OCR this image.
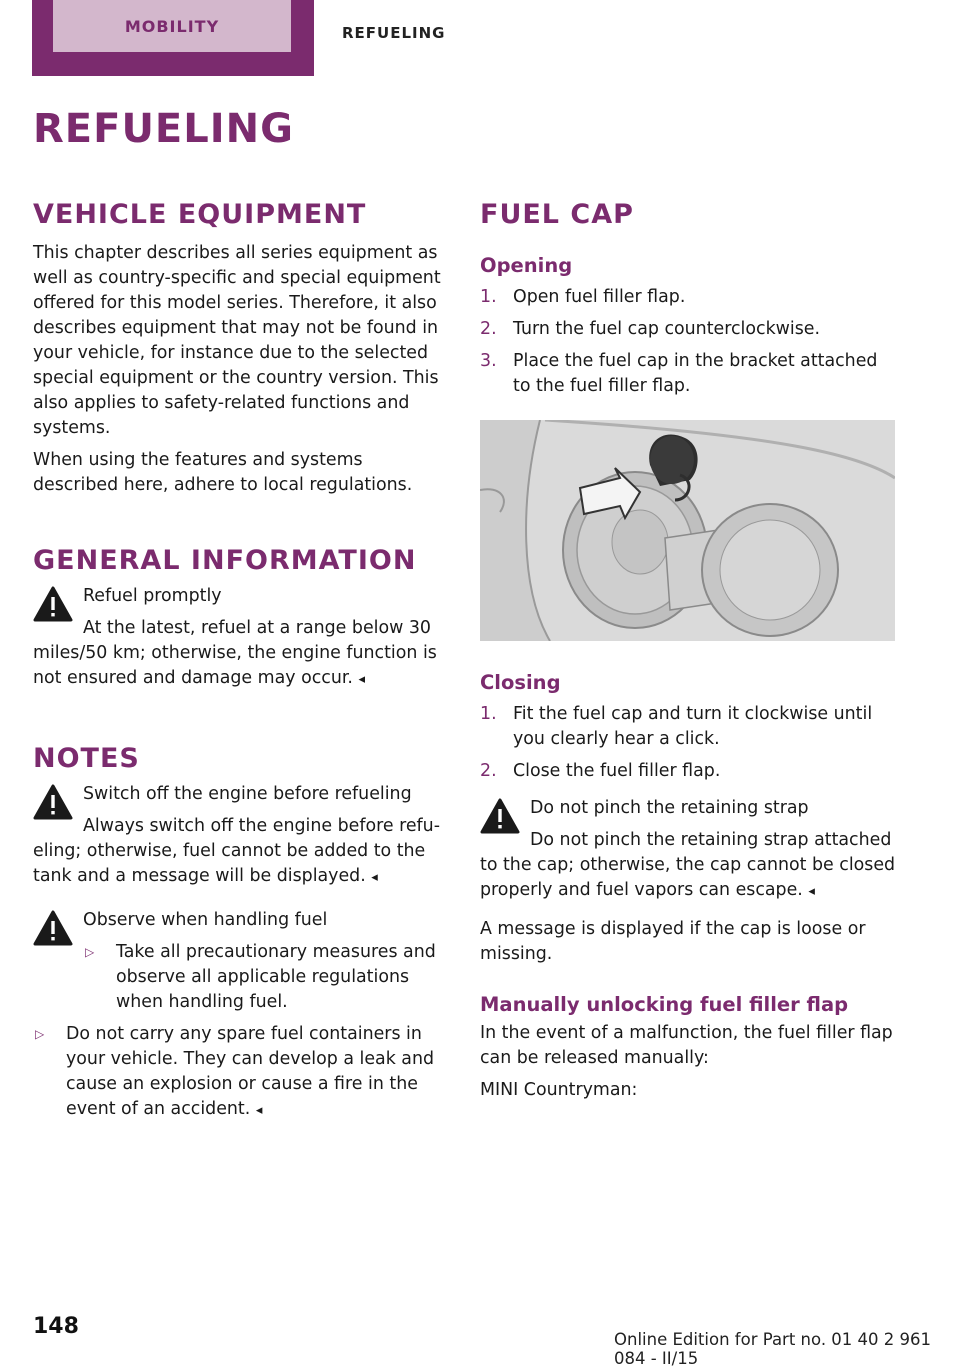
MOBILITY	REFUELING
REFUELING
VEHICLE EQUIPMENT

This chapter describes all series equipment as well as country-specific and special equipment offered for this model series. Therefore, it also describes equipment that may not be found in your vehicle, for instance due to the selected special equipment or the country version. This also applies to safety-related functions and systems.

When using the features and systems described here, adhere to local regulations.

GENERAL INFORMATION

Refuel promptly

At the latest, refuel at a range below 30 miles/50 km; otherwise, the engine function is not ensured and damage may occur. ◂

NOTES

Switch off the engine before refueling

Always switch off the engine before refueling; otherwise, fuel cannot be added to the tank and a message will be displayed. ◂

Observe when handling fuel

▷ Take all precautionary measures and observe all applicable regulations when handling fuel.
▷ Do not carry any spare fuel containers in your vehicle. They can develop a leak and cause an explosion or cause a fire in the event of an accident. ◂
FUEL CAP
Opening
1. Open fuel filler flap.
2. Turn the fuel cap counterclockwise.
3. Place the fuel cap in the bracket attached to the fuel filler flap.
Closing
1. Fit the fuel cap and turn it clockwise until you clearly hear a click.
2. Close the fuel filler flap.

Do not pinch the retaining strap

Do not pinch the retaining strap attached to the cap; otherwise, the cap cannot be closed properly and fuel vapors can escape. ◂

A message is displayed if the cap is loose or missing.

Manually unlocking fuel filler flap

In the event of a malfunction, the fuel filler flap can be released manually:

MINI Countryman:

148
Online Edition for Part no. 01 40 2 961 084 - II/15
